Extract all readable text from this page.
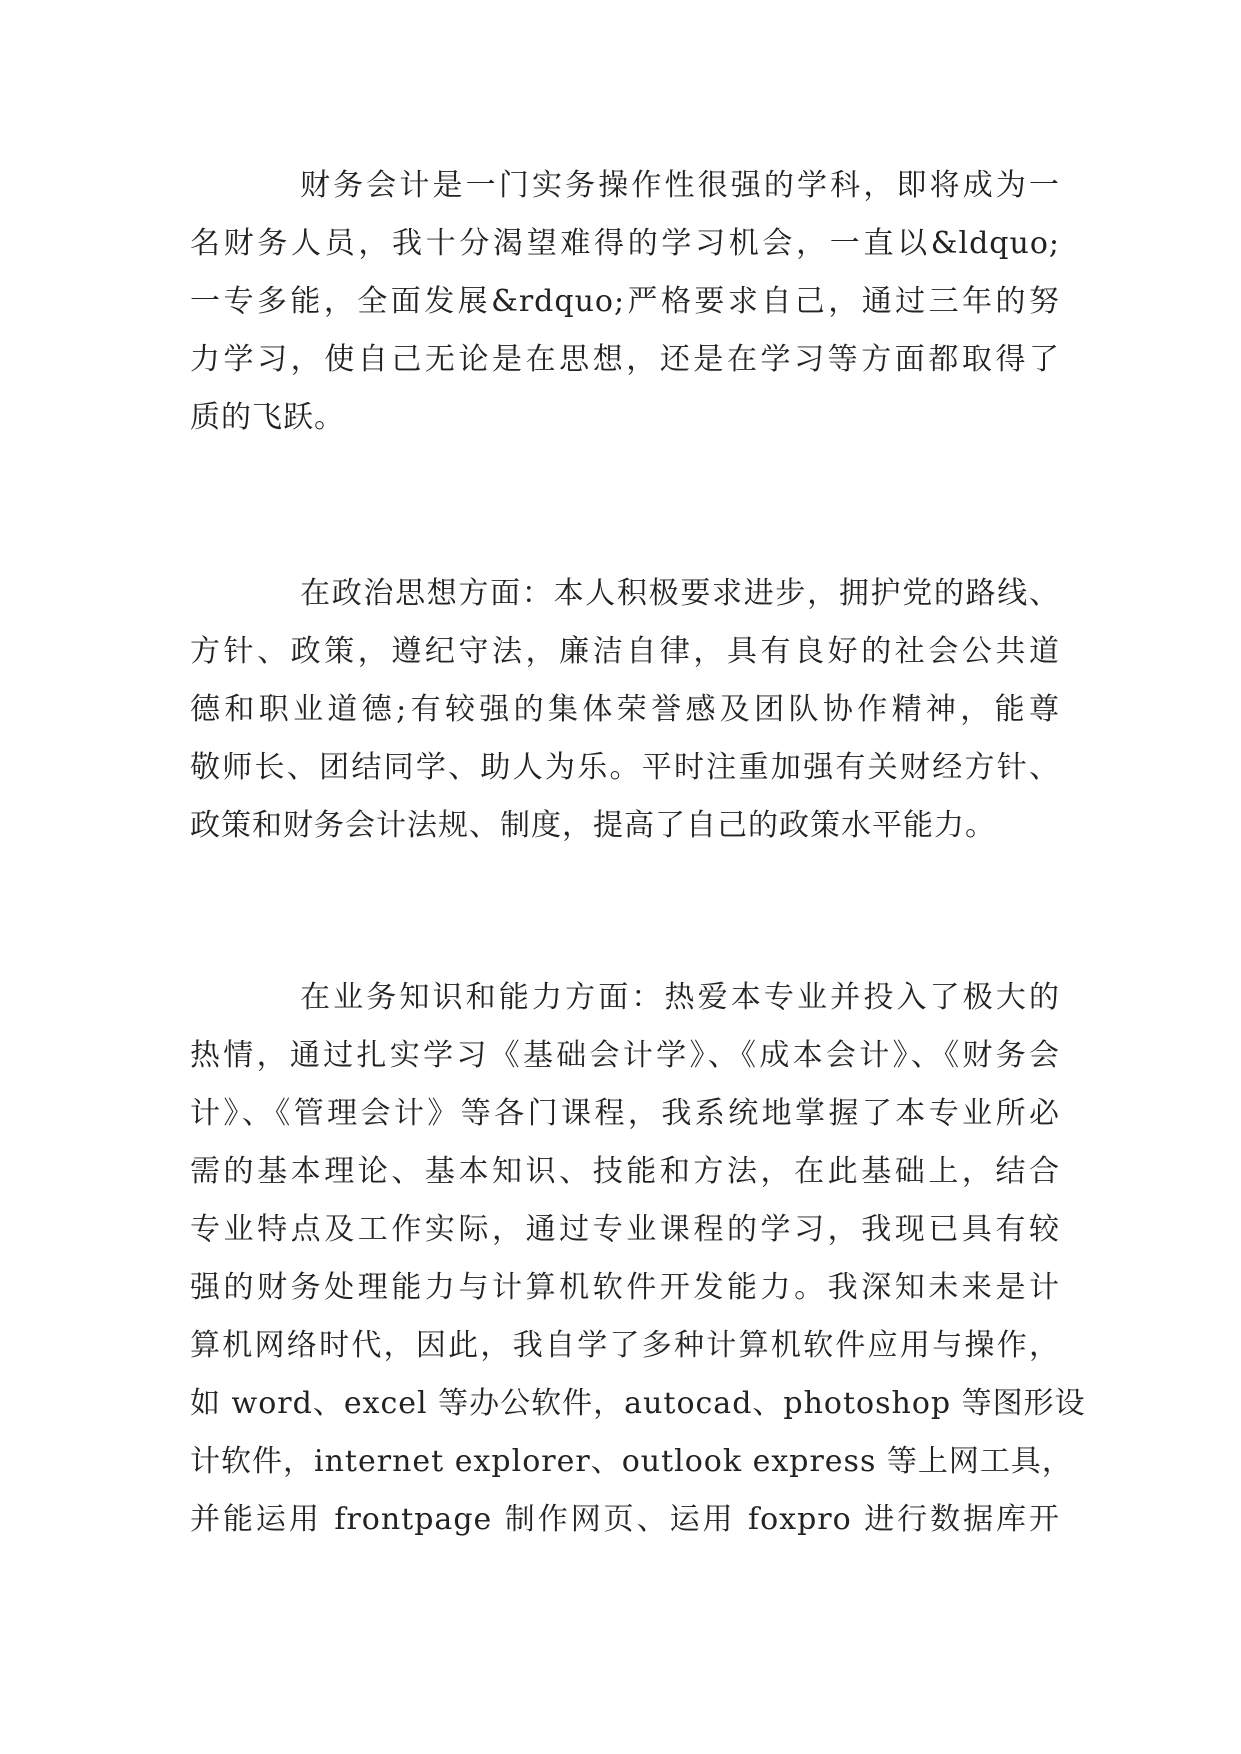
财务会计是一门实务操作性很强的学科，即将成为一
名财务人员，我十分渴望难得的学习机会，一直以&ldquo;
一专多能，全面发展&rdquo;严格要求自己，通过三年的努
力学习，使自己无论是在思想，还是在学习等方面都取得了
质的飞跃。
在政治思想方面：本人积极要求进步，拥护党的路线、
方针、政策，遵纪守法，廉洁自律，具有良好的社会公共道
德和职业道德;有较强的集体荣誉感及团队协作精神，能尊
敬师长、团结同学、助人为乐。平时注重加强有关财经方针、
政策和财务会计法规、制度，提高了自己的政策水平能力。
在业务知识和能力方面：热爱本专业并投入了极大的
热情，通过扎实学习《基础会计学》、《成本会计》、《财务会
计》、《管理会计》等各门课程，我系统地掌握了本专业所必
需的基本理论、基本知识、技能和方法，在此基础上，结合
专业特点及工作实际，通过专业课程的学习，我现已具有较
强的财务处理能力与计算机软件开发能力。我深知未来是计
算机网络时代，因此，我自学了多种计算机软件应用与操作，
如 word、excel 等办公软件，autocad、photoshop 等图形设
计软件，internet explorer、outlook express 等上网工具，
并能运用 frontpage 制作网页、运用 foxpro 进行数据库开
